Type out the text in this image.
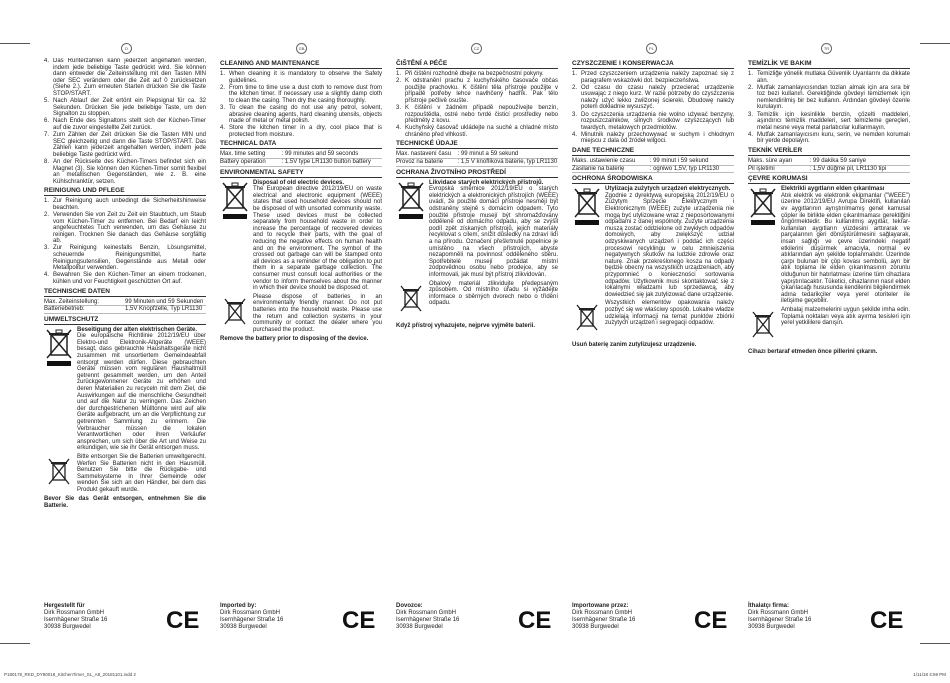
D	GB	CZ	PL	TR
4. Das Runterzählen kann jederzeit angehalten werden, indem jede beliebige Taste gedrückt wird. Sie können dann entweder die Zeiteinstellung mit den Tasten MIN oder SEC verändern oder die Zeit auf 0 zurücksetzen (Siehe 2.). Zum erneuten Starten drücken Sie die Taste STOP/START.
5. Nach Ablauf der Zeit ertönt ein Piepsignal für ca. 32 Sekunden. Drücken Sie jede beliebige Taste, um den Signalton zu stoppen.
6. Nach Ende des Signaltons stellt sich der Küchen-Timer auf die zuvor eingestellte Zeit zurück.
7. Zum Zählen der Zeit drücken Sie die Tasten MIN und SEC gleichzeitig und dann die Taste STOP/START. Das Zählen kann jederzeit angehalten werden, indem jede beliebige Taste gedrückt wird.
8. An der Rückseite des Küchen-Timers befindet sich ein Magnet (3). Sie können den Küchen-Timer somit flexibel an metallischen Gegenständen, wie z. B. eine Kühlschranktür, setzen.
REINIGUNG UND PFLEGE
1. Zur Reinigung auch unbedingt die Sicherheitshinweise beachten.
2. Verwenden Sie von Zeit zu Zeit ein Staubtuch, um Staub vom Küchen-Timer zu entfernen. Bei Bedarf ein leicht angefeuchtetes Tuch verwenden, um das Gehäuse zu reinigen. Trocknen Sie danach das Gehäuse sorgfältig ab.
3. Zur Reinigung keinesfalls Benzin, Lösungsmittel, scheuernde Reinigungsmittel, harte Reinigungsutensilien, Gegenstände aus Metall oder Metallpolitur verwenden.
4. Bewahren Sie den Küchen-Timer an einem trockenen, kühlen und vor Feuchtigkeit geschützten Ort auf.
TECHNISCHE DATEN
Max. Zeiteinstellung:	99 Minuten und 59 Sekunden
Batteriebetrieb:	1,5V Knopfzelle, Typ LR1130
UMWELTSCHUTZ
Beseitigung der alten elektrischen Geräte.
Die europäische Richtlinie 2012/19/EU über Elektro-und Elektronik-Altgeräte (WEEE) besagt, dass gebrauchte Haushaltsgeräte nicht zusammen mit unsortiertem Gemeindeabfall entsorgt werden dürfen. Diese gebrauchten Geräte müssen vom regulären Haushaltmüll getrennt gesammelt werden, um den Anteil zurückgewonnener Geräte zu erhöhen und deren Materialien zu recyceln mit dem Ziel, die Auswirkungen auf die menschliche Gesundheit und auf die Natur zu verringern. Das Zeichen der durchgestrichenen Mülltonne wird auf alle Geräte aufgebracht, um an die Verpflichtung zur getrennten Sammlung zu erinnern. Die Verbraucher müssen die lokalen Verantwortlichen oder ihren Verkäufer ansprechen, um sich über die Art und Weise zu erkundigen, wie sie ihr Gerät entsorgen muss.
Bitte entsorgen Sie die Batterien umweltgerecht. Werfen Sie Batterien nicht in den Hausmüll. Benutzen Sie bitte die Rückgabe- und Sammelsysteme in Ihrer Gemeinde oder wenden Sie sich an den Händler, bei dem das Produkt gekauft wurde.

Bevor Sie das Gerät entsorgen, entnehmen Sie die Batterie.

CLEANING AND MAINTENANCE
1. When cleaning it is mandatory to observe the Safety guidelines.
2. From time to time use a dust cloth to remove dust from the kitchen timer. If necessary use a slightly damp cloth to clean the casing. Then dry the casing thoroughly.
3. To clean the casing do not use any petrol, solvent, abrasive cleaning agents, hard cleaning utensils, objects made of metal or metal polish.
4. Store the kitchen timer in a dry, cool place that is protected from moisture.
TECHNICAL DATA
Max. time setting	: 99 minutes and 59 seconds
Battery operation	: 1.5V type LR1130 button battery
ENVIRONMENTAL SAFETY
Disposal of old electric devices.
The European directive 2012/19/EU on waste electrical and electronic equipment (WEEE) states that used household devices should not be disposed of with unsorted community waste. These used devices must be collected separately from household waste in order to increase the percentage of recovered devices and to recycle their parts, with the goal of reducing the negative effects on human health and on the environment. The symbol of the crossed out garbage can will be stamped onto all devices as a reminder of the obligation to put them in a separate garbage collection. The consumer must consult local authorities or the vendor to inform themselves about the manner in which their device should be disposed of.
Please dispose of batteries in an environmentally friendly manner. Do not put batteries into the household waste. Please use the return and collection systems in your community or contact the dealer where you purchased the product.

Remove the battery prior to disposing of the device.

ČIŠTĚNÍ A PÉČE
1. Při čištění rozhodně dbejte na bezpečnostní pokyny.
2. K odstranění prachu z kuchyňského časovače občas použijte prachovku. K čištění těla přístroje použijte v případě potřeby lehce navlhčený hadřík. Pak tělo přístroje pečlivě osušte.
3. K čištění v žádném případě nepoužívejte benzín, rozpouštědla, ostré nebo tvrdé čisticí prostředky nebo předměty z kovu.
4. Kuchyňský časovač ukládejte na suché a chladné místo chráněno před vlhkostí.
TECHNICKÉ ÚDAJE
Max. nastavení času	: 99 minut a 59 sekund
Provoz na baterie	: 1,5 V knoflíková baterie, typ LR1130
OCHRANA ŽIVOTNÍHO PROSTŘEDÍ
Likvidace starých elektrických přístrojů.
Evropská směrnice 2012/19/EU o starých elektrických a elektronických přístrojích (WEEE) uvádí, že použité domácí přístroje nesmějí být odstraněny stejně s domácím odpadem. Tyto použité přístroje musejí být shromažďovány odděleně od domácího odpadu, aby se zvýšil podíl zpět získaných přístrojů, jejich materiály recyklovat s cílem, snížit důsledky na zdraví lidí a na přírodu. Označení přeškrtnuté popelnice je umístěno na všech přístrojích, abyste nezapomněli na povinnost odděleného sběru. Spotřebitelé musejí požádat místní zodpovědnou osobu nebo prodejce, aby se informovali, jak musí být přístroj zlikvidován.
Obalový materiál zlikvidujte předepsaným způsobem. Od místního úřadu si vyžádejte informace o sběrných dvorech nebo o třídění odpadu.

Když přístroj vyhazujete, nejprve vyjměte baterii.

CZYSZCZENIE I KONSERWACJA
1. Przed czyszczeniem urządzenia należy zapoznać się z paragrafem wskazówki dot. bezpieczeństwa.
2. Od czasu do czasu należy przecierać urządzenie usuwając z niego kurz. W razie potrzeby do czyszczenia należy użyć lekko zwilżonej ściereki. Obudowę należy potem dokładnie wysuszyć.
3. Do czyszczenia urządzenia nie wolno używać benzyny, rozpuszczalników, silnych środków czyszczących lub twardych, metalowych przedmiotów.
4. Minutnik należy przechowywać w suchym i chłodnym miejscu z dala od źródeł wilgoci.
DANE TECHNICZNE
Maks. ustawienie czasu	: 99 minut i 59 sekund
Zasilanie na baterię	: ogniwo 1,5V, typ LR1130
OCHRONA ŚRODOWISKA
Utylizacja zużytych urządzeń elektrycznych.
Zgodnie z dyrektywą europejską 2012/19/EU o Zużytym Sprzęcie Elektrycznym i Elektronicznym (WEEE) zużyte urządzenia nie mogą być utylizowane wraz z nieposortowanymi odpadami z danej wspólnoty. Zużyte urządzenia muszą zostać oddzielone od zwykłych odpadów domowych, aby zwiększyć udział odzyskiwanych urządzeń i poddać ich części procesowi recyklingu w celu zmniejszenia negatywnych skutków na ludzkie zdrowie oraz naturę. Znak przekreślonego kosza na odpady będzie obecny na wszystkich urządzeniach, aby przypomnieć o konieczności sortowania odpadów. Użytkownik musi skontaktować się z lokalnymi władzami lub sprzedawcą, aby dowiedzieć się jak zutylizować dane urządzenie.
Wszystkich elementów opakowania należy pozbyć się we właściwy sposób. Lokalne władze udzielają informacji na temat punktów zbiórki zużytych urządzeń i segregacji odpadów.

Usuń baterię zanim zutylizujesz urządzenie.

TEMİZLİK VE BAKIM
1. Temizliğe yönelik mutlaka Güvenlik Uyarılarını da dikkate alın.
2. Mutfak zamanlayıcısından tozları almak için ara sıra bir toz bezi kullanın. Gerektiğinde gövdeyi temizlemek için nemlendirilmiş bir bez kullanın. Ardından gövdeyi özenle kurulayın.
3. Temizlik için kesinlikle benzin, çözelti maddeleri, aşındırıcı temizlik maddeleri, sert temizleme gereçleri, metal nesne veya metal parlatıcılar kullanmayın.
4. Mutfak zamanlayıcısını kuru, serin, ve nemden korumalı bir yerde depolayın.
TEKNİK VERİLER
Maks. süre ayarı	: 99 dakika 59 saniye
Pil işletimi	: 1,5V düğme pil, LR1130 tipi
ÇEVRE KORUMASI
Elektrikli aygıtların elden çıkarılması
Atık elektrik ve elektronik ekipmanlar ("WEEE") üzerine 2012/19/EU Avrupa Direktifi, kullanılan ev aygıtlarının ayrıştırılmamış genel kamusal çöpler ile birlikte elden çıkarılmaması gerektiğini öngörmektedir. Bu kullanılmış aygıtlar, tekrar-kullanılan aygıtların yüzdesini arttırarak ve parçalarının geri dönüştürülmesini sağlayarak, insan sağlığı ve çevre üzerindeki negatif etkilerini düşürmek amacıyla, normal ev atıklarından ayrı şekilde toplanmalıdır. Üzerinde çarpı bulunan bir çöp kovası sembolü, ayrı bir atık toplama ile elden çıkarılmasının zorunlu olduğunun bir hatırlatması üzerine tüm cihazlara yapıştırılacaktır. Tüketici, cihazlarının nasıl elden çıkarılacağı hususunda kendilerini bilgilendirmek adına tedarikçiler veya yerel otoriteler ile iletişime geçebilir.
Ambalaj malzemelerini uygun şekilde imha edin. Toplama noktaları veya atık ayırma tesisleri için yerel yetkililere danışın.

Cihazı bertaraf etmeden önce pillerini çıkarın.

Hergestellt für
Dirk Rossmann GmbH
Isernhägener Straße 16
30938 Burgwedel	CE
Imported by:
Dirk Rossmann GmbH
Isernhägener Straße 16
30938 Burgwedel	CE
Dovozce:
Dirk Rossmann GmbH
Isernhägener Straße 16
30938 Burgwedel	CE
Importowane przez:
Dirk Rossmann GmbH
Isernhägener Straße 16
30938 Burgwedel	CE
İthalatçı firma:
Dirk Rossmann GmbH
Isernhägener Straße 16
30938 Burgwedel	CE
P180178_RKD_DY90018_KitchenTimer_SL_A8_20181101.indd 2	1/11/18 4:59 PM
